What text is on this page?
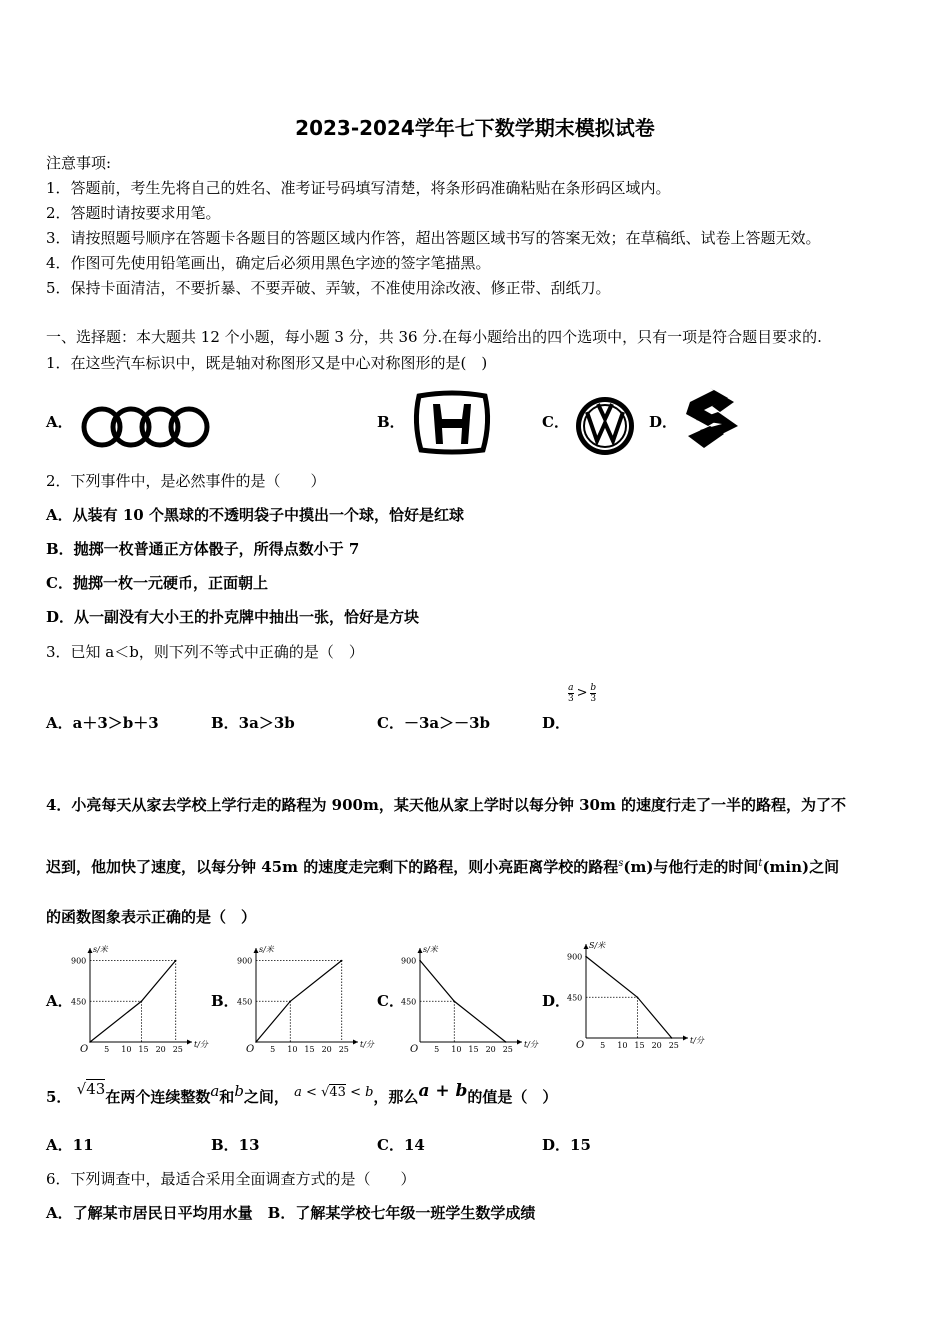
2023-2024学年七下数学期末模拟试卷
注意事项:
1．答题前，考生先将自己的姓名、准考证号码填写清楚，将条形码准确粘贴在条形码区域内。
2．答题时请按要求用笔。
3．请按照题号顺序在答题卡各题目的答题区域内作答，超出答题区域书写的答案无效；在草稿纸、试卷上答题无效。
4．作图可先使用铅笔画出，确定后必须用黑色字迹的签字笔描黑。
5．保持卡面清洁，不要折暴、不要弄破、弄皱，不准使用涂改液、修正带、刮纸刀。
一、选择题：本大题共 12 个小题，每小题 3 分，共 36 分.在每小题给出的四个选项中，只有一项是符合题目要求的.
1．在这些汽车标识中，既是轴对称图形又是中心对称图形的是(　)
A．	B．	C．	D．
2．下列事件中，是必然事件的是（　　）
A．从装有 10 个黑球的不透明袋子中摸出一个球，恰好是红球
B．抛掷一枚普通正方体骰子，所得点数小于 7
C．抛掷一枚一元硬币，正面朝上
D．从一副没有大小王的扑克牌中抽出一张，恰好是方块
3．已知 a＜b，则下列不等式中正确的是（　）
A．a＋3＞b＋3	B．3a＞3b	C．－3a＞－3b	D．
$\frac{a}{3} > \frac{b}{3}$
4．小亮每天从家去学校上学行走的路程为 900m，某天他从家上学时以每分钟 30m 的速度行走了一半的路程，为了不
迟到，他加快了速度，以每分钟 45m 的速度走完剩下的路程，则小亮距离学校的路程$^s$(m)与他行走的时间$^t$(min)之间
的函数图象表示正确的是（　）
A．	B．	C．	D．
s/米
t/分
O 5 10 15 20 25
900
450
s/米
t/分
O 5 10 15 20 25
900
450
s/米
t/分
O 5 10 15 20 25
900
450
S/米
t/分
O 5 10 15 20 25
900
450
5． √43在两个连续整数a和b之间， a < √43 < b，那么a + b的值是（　）
A．11	B．13	C．14	D．15
6．下列调查中，最适合采用全面调查方式的是（　　）
A．了解某市居民日平均用水量　B．了解某学校七年级一班学生数学成绩
